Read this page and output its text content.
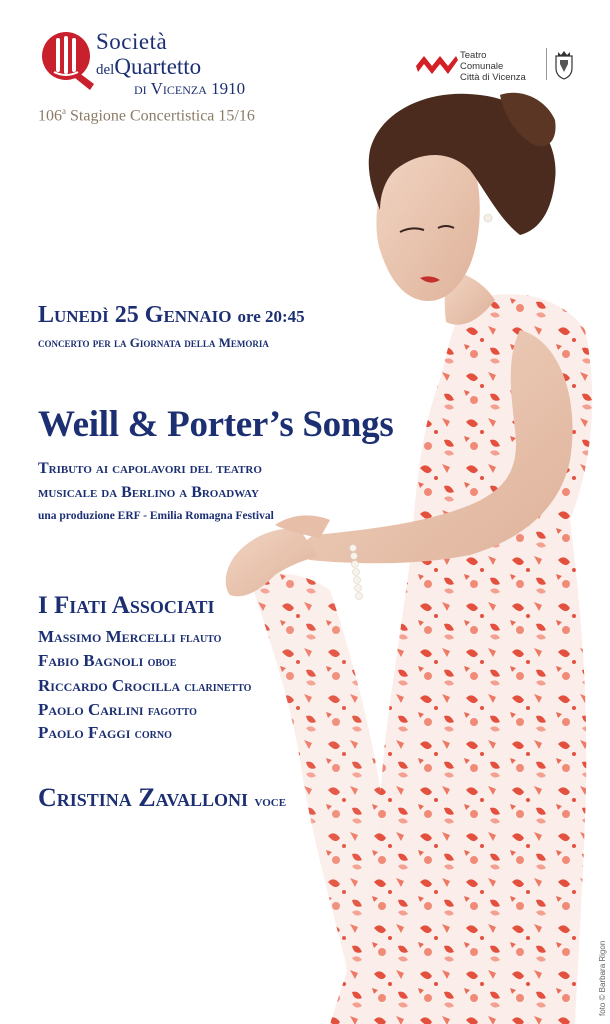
Società
delQuartetto
di Vicenza 1910
106$^a$ Stagione Concertistica 15/16
Teatro
Comunale
Città di Vicenza
Lunedì 25 Gennaio ore 20:45
concerto per la Giornata della Memoria
Weill & Porter’s Songs
Tributo ai capolavori del teatro
musicale da Berlino a Broadway
una produzione ERF - Emilia Romagna Festival
I Fiati Associati
Massimo Mercelli flauto
Fabio Bagnoli oboe
Riccardo Crocilla clarinetto
Paolo Carlini fagotto
Paolo Faggi corno
Cristina Zavalloni voce
foto © Barbara Rigon
